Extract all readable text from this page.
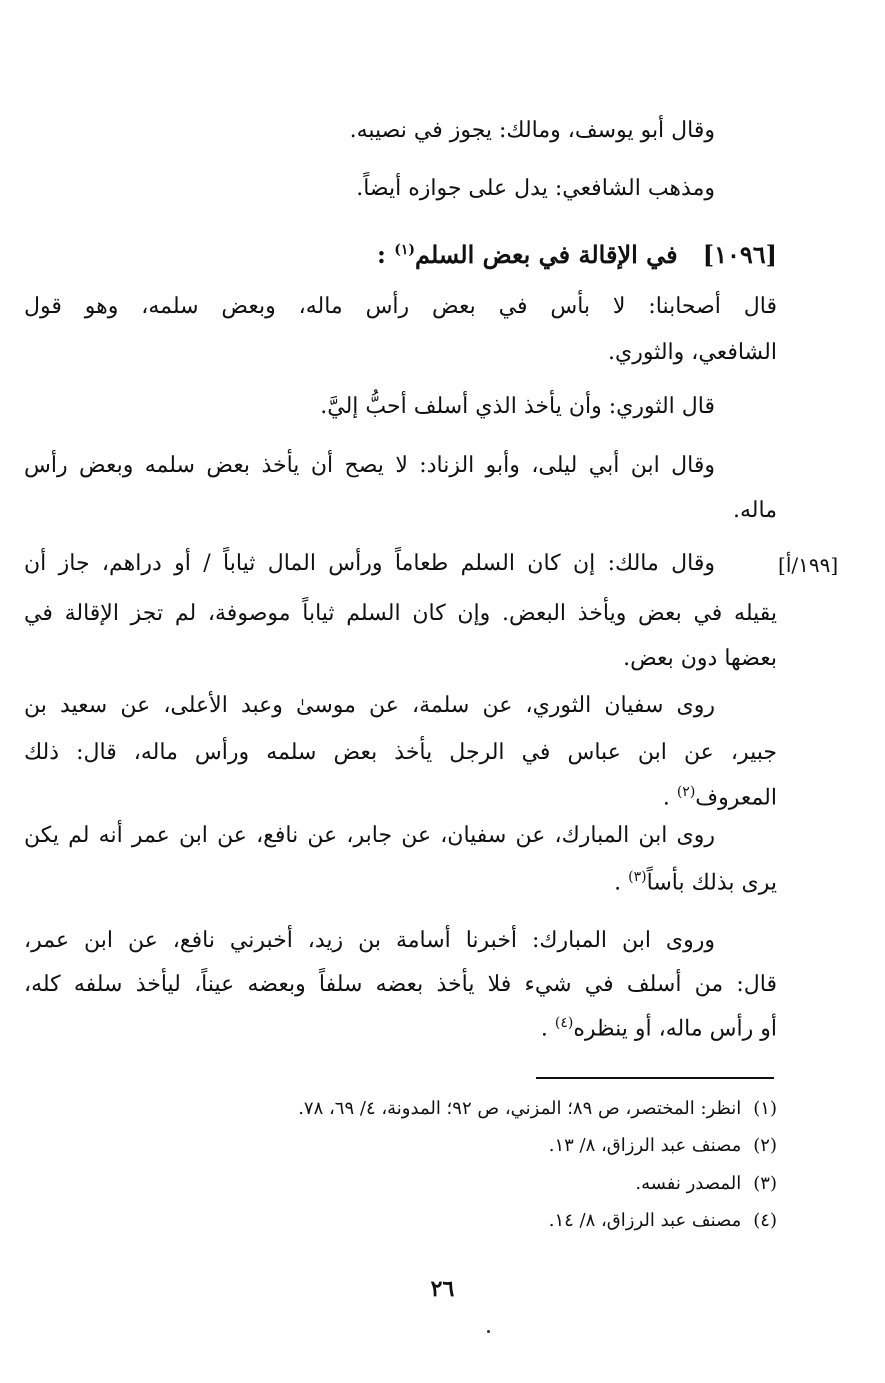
وقال أبو يوسف، ومالك: يجوز في نصيبه.
ومذهب الشافعي: يدل على جوازه أيضاً.
[١٠٩٦]   في الإقالة في بعض السلم$^{(١)}$ :
قال أصحابنا: لا بأس في بعض رأس ماله، وبعض سلمه، وهو قول
الشافعي، والثوري.
قال الثوري: وأن يأخذ الذي أسلف أحبُّ إليَّ.
وقال ابن أبي ليلى، وأبو الزناد: لا يصح أن يأخذ بعض سلمه وبعض رأس
ماله.
[١٩٩/أ]
وقال مالك: إن كان السلم طعاماً ورأس المال ثياباً / أو دراهم، جاز أن
يقيله في بعض ويأخذ البعض. وإن كان السلم ثياباً موصوفة، لم تجز الإقالة في
بعضها دون بعض.
روى سفيان الثوري، عن سلمة، عن موسىٰ وعبد الأعلى، عن سعيد بن
جبير، عن ابن عباس في الرجل يأخذ بعض سلمه ورأس ماله، قال: ذلك
المعروف$^{(٢)}$ .
روى ابن المبارك، عن سفيان، عن جابر، عن نافع، عن ابن عمر أنه لم يكن
يرى بذلك بأساً$^{(٣)}$ .
وروى ابن المبارك: أخبرنا أسامة بن زيد، أخبرني نافع، عن ابن عمر،
قال: من أسلف في شيء فلا يأخذ بعضه سلفاً وبعضه عيناً، ليأخذ سلفه كله،
أو رأس ماله، أو ينظره$^{(٤)}$ .
(١)انظر: المختصر، ص ٨٩؛ المزني، ص ٩٢؛ المدونة، ٤/ ٦٩، ٧٨.
(٢)مصنف عبد الرزاق، ٨/ ١٣.
(٣)المصدر نفسه.
(٤)مصنف عبد الرزاق، ٨/ ١٤.
٢٦
